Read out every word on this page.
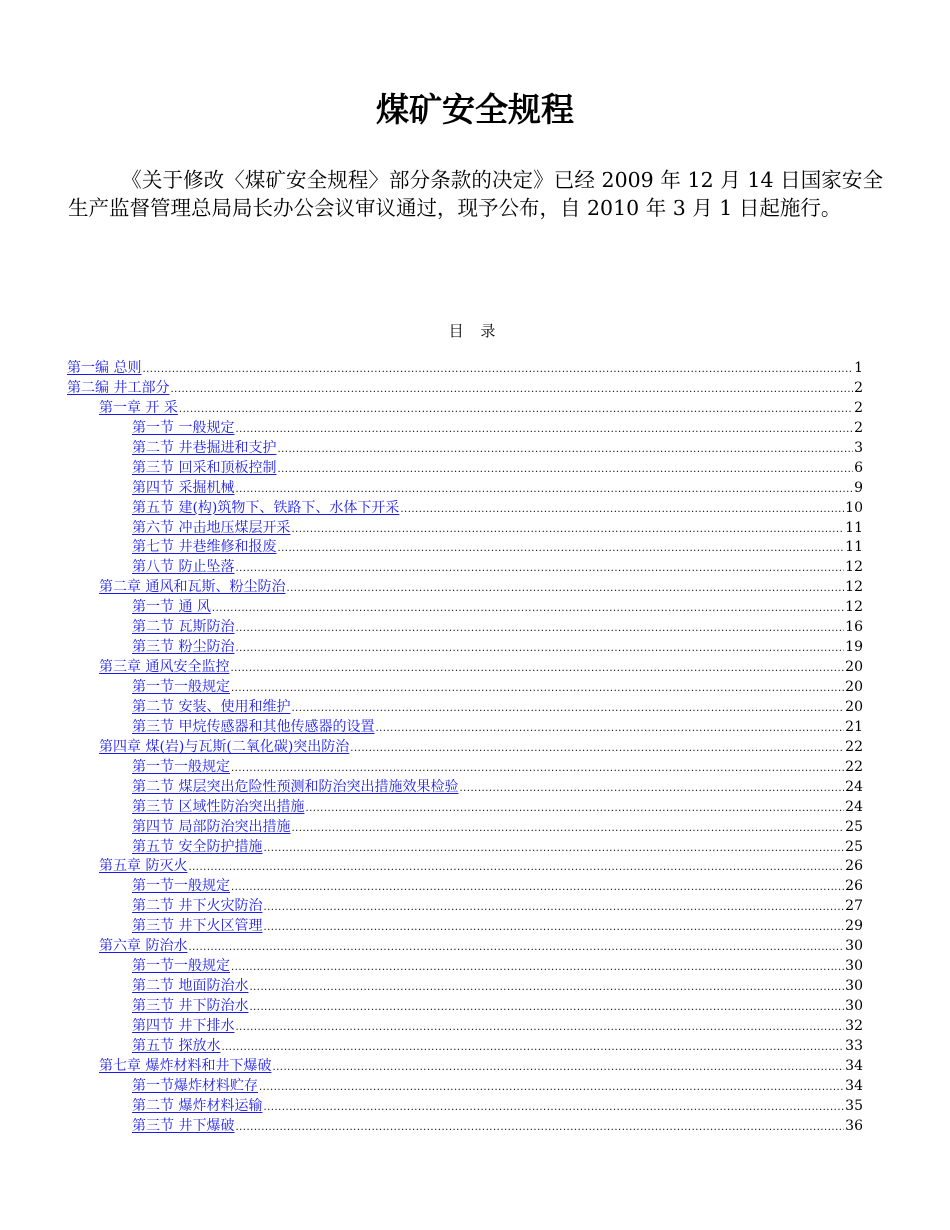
煤矿安全规程

《关于修改〈煤矿安全规程〉部分条款的决定》已经 2009 年 12 月 14 日国家安全生产监督管理总局局长办公会议审议通过，现予公布，自 2010 年 3 月 1 日起施行。

目 录
第一编 总则 .....	1
第二编 井工部分 .....	2
第一章 开 采 .....	2
第一节 一般规定 .....	2
第二节 井巷掘进和支护 .....	3
第三节 回采和顶板控制 .....	6
第四节 采掘机械 .....	9
第五节 建(构)筑物下、铁路下、水体下开采 .....	10
第六节 冲击地压煤层开采 .....	11
第七节 井巷维修和报废 .....	11
第八节 防止坠落 .....	12
第二章 通风和瓦斯、粉尘防治 .....	12
第一节 通 风 .....	12
第二节 瓦斯防治 .....	16
第三节 粉尘防治 .....	19
第三章 通风安全监控 .....	20
第一节一般规定 .....	20
第二节 安装、使用和维护 .....	20
第三节 甲烷传感器和其他传感器的设置 .....	21
第四章 煤(岩)与瓦斯(二氧化碳)突出防治 .....	22
第一节一般规定 .....	22
第二节 煤层突出危险性预测和防治突出措施效果检验 .....	24
第三节 区域性防治突出措施 .....	24
第四节 局部防治突出措施 .....	25
第五节 安全防护措施 .....	25
第五章 防灭火 .....	26
第一节一般规定 .....	26
第二节 井下火灾防治 .....	27
第三节 井下火区管理 .....	29
第六章 防治水 .....	30
第一节一般规定 .....	30
第二节 地面防治水 .....	30
第三节 井下防治水 .....	30
第四节 井下排水 .....	32
第五节 探放水 .....	33
第七章 爆炸材料和井下爆破 .....	34
第一节爆炸材料贮存 .....	34
第二节 爆炸材料运输 .....	35
第三节 井下爆破 .....	36
